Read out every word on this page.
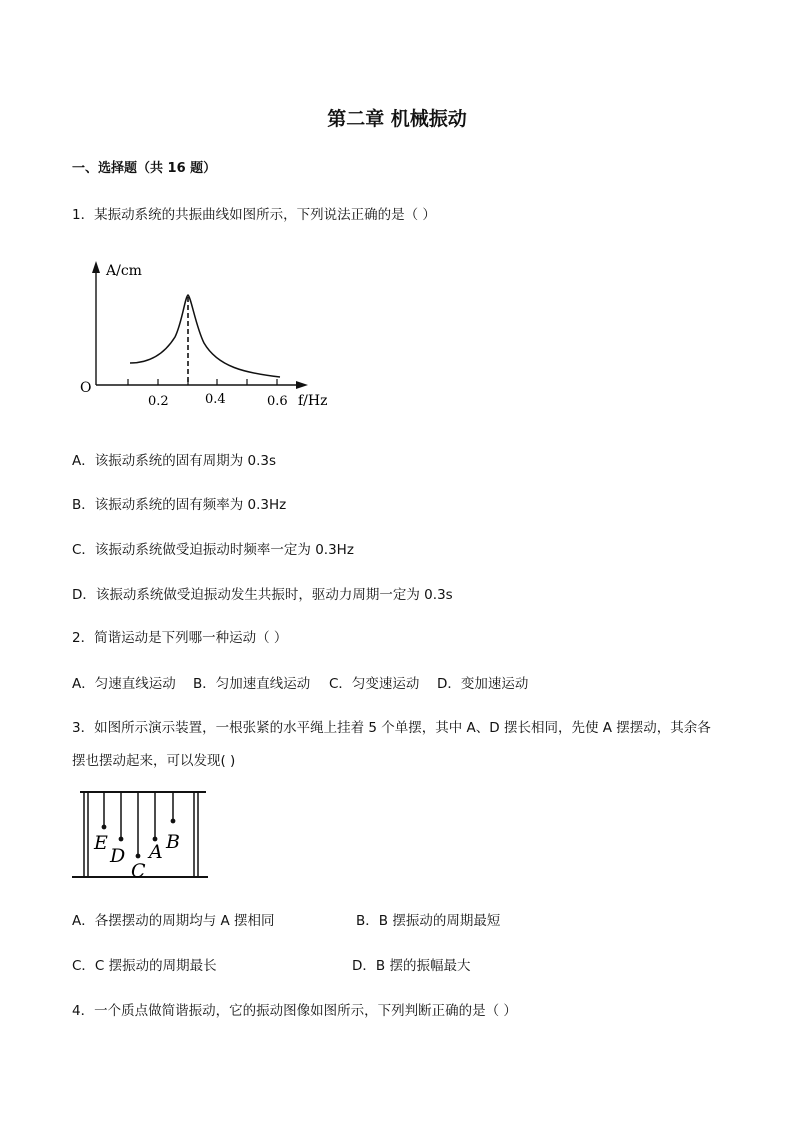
第二章 机械振动
一、选择题（共 16 题）
1．某振动系统的共振曲线如图所示，下列说法正确的是（ ）
A/cm
O
0.2	0.4	0.6 f/Hz
A．该振动系统的固有周期为 0.3s
B．该振动系统的固有频率为 0.3Hz
C．该振动系统做受迫振动时频率一定为 0.3Hz
D．该振动系统做受迫振动发生共振时，驱动力周期一定为 0.3s
2．简谐运动是下列哪一种运动（ ）
A．匀速直线运动 B．匀加速直线运动 C．匀变速运动 D．变加速运动
3．如图所示演示装置，一根张紧的水平绳上挂着 5 个单摆，其中 A、D 摆长相同，先使 A 摆摆动，其余各
摆也摆动起来，可以发现( )
E
D
C
A B
A．各摆摆动的周期均与 A 摆相同	B．B 摆振动的周期最短
C．C 摆振动的周期最长	D．B 摆的振幅最大
4．一个质点做简谐振动，它的振动图像如图所示，下列判断正确的是（ ）
